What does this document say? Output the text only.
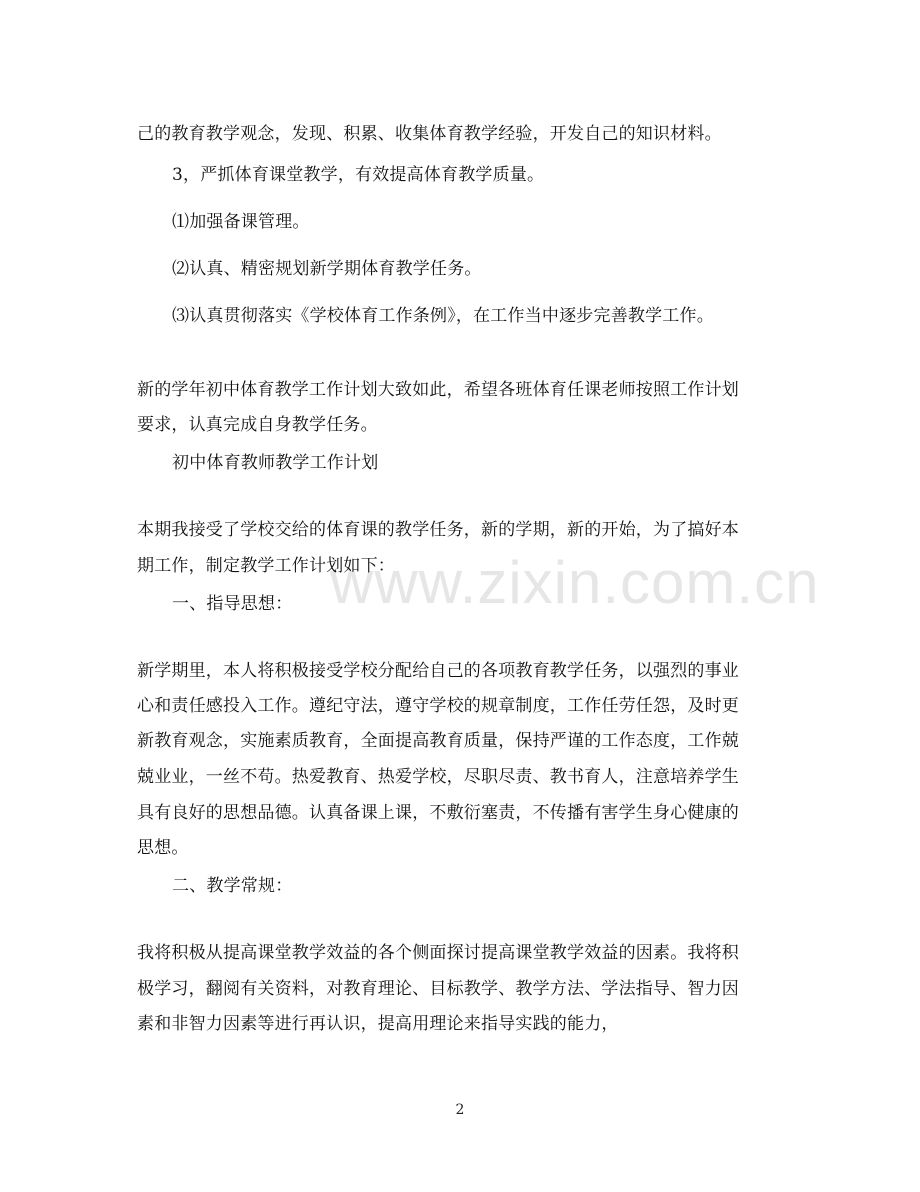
www.zixin.com.cn
己的教育教学观念，发现、积累、收集体育教学经验，开发自己的知识材料。
3，严抓体育课堂教学，有效提高体育教学质量。
⑴加强备课管理。
⑵认真、精密规划新学期体育教学任务。
⑶认真贯彻落实《学校体育工作条例》，在工作当中逐步完善教学工作。
新的学年初中体育教学工作计划大致如此，希望各班体育任课老师按照工作计划
要求，认真完成自身教学任务。
初中体育教师教学工作计划
本期我接受了学校交给的体育课的教学任务，新的学期，新的开始，为了搞好本
期工作，制定教学工作计划如下：
一、指导思想：
新学期里，本人将积极接受学校分配给自己的各项教育教学任务，以强烈的事业
心和责任感投入工作。遵纪守法，遵守学校的规章制度，工作任劳任怨，及时更
新教育观念，实施素质教育，全面提高教育质量，保持严谨的工作态度，工作兢
兢业业，一丝不苟。热爱教育、热爱学校，尽职尽责、教书育人，注意培养学生
具有良好的思想品德。认真备课上课，不敷衍塞责，不传播有害学生身心健康的
思想。
二、教学常规：
我将积极从提高课堂教学效益的各个侧面探讨提高课堂教学效益的因素。我将积
极学习，翻阅有关资料，对教育理论、目标教学、教学方法、学法指导、智力因
素和非智力因素等进行再认识，提高用理论来指导实践的能力，
2
